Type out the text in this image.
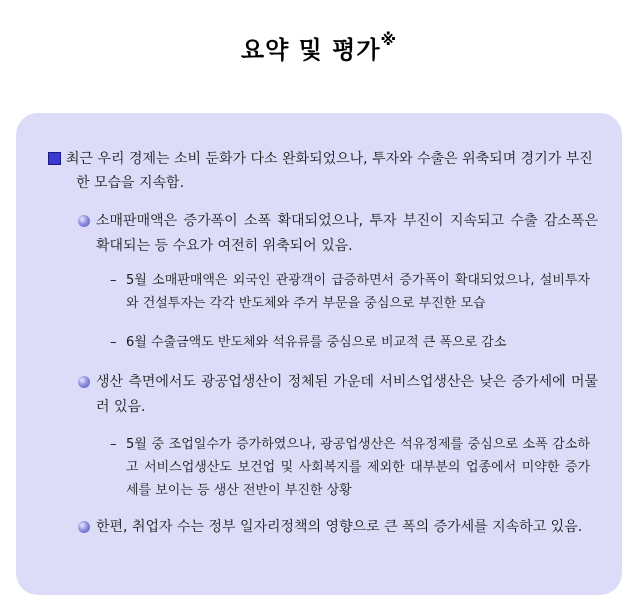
요약 및 평가※
최근 우리 경제는 소비 둔화가 다소 완화되었으나, 투자와 수출은 위축되며 경기가 부진한 모습을 지속함.
소매판매액은 증가폭이 소폭 확대되었으나, 투자 부진이 지속되고 수출 감소폭은 확대되는 등 수요가 여전히 위축되어 있음.
– 5월 소매판매액은 외국인 관광객이 급증하면서 증가폭이 확대되었으나, 설비투자와 건설투자는 각각 반도체와 주거 부문을 중심으로 부진한 모습
– 6월 수출금액도 반도체와 석유류를 중심으로 비교적 큰 폭으로 감소
생산 측면에서도 광공업생산이 정체된 가운데 서비스업생산은 낮은 증가세에 머물러 있음.
– 5월 중 조업일수가 증가하였으나, 광공업생산은 석유정제를 중심으로 소폭 감소하고 서비스업생산도 보건업 및 사회복지를 제외한 대부분의 업종에서 미약한 증가세를 보이는 등 생산 전반이 부진한 상황
한편, 취업자 수는 정부 일자리정책의 영향으로 큰 폭의 증가세를 지속하고 있음.
